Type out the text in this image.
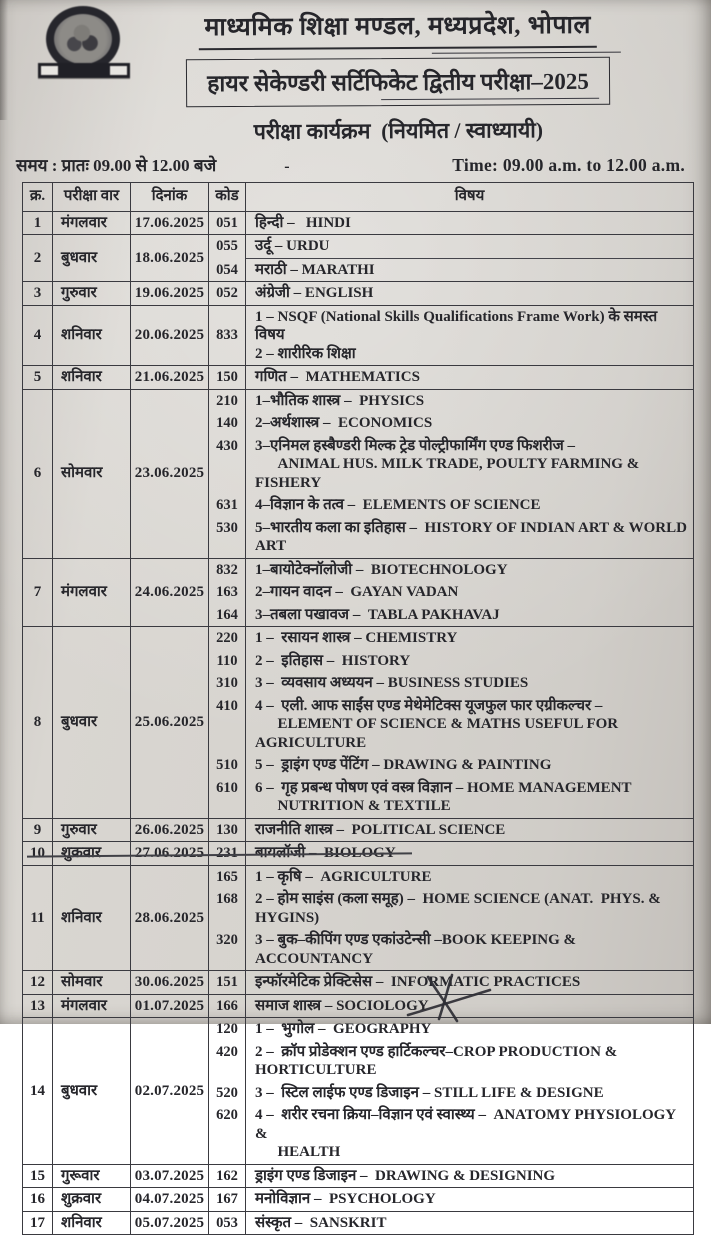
माध्यमिक शिक्षा मण्डल, मध्यप्रदेश, भोपाल
हायर सेकेण्डरी सर्टिफिकेट द्वितीय परीक्षा–2025
परीक्षा कार्यक्रम  (नियमित / स्वाध्यायी)
समय : प्रातः 09.00 से 12.00 बजे	-	Time: 09.00 a.m. to 12.00 a.m.
क्र.	परीक्षा वार	दिनांक	कोड	विषय
1	मंगलवार	17.06.2025 051	हिन्दी –   HINDI
2	बुधवार	18.06.2025
055	उर्दू – URDU
054	मराठी – MARATHI
3	गुरुवार	19.06.2025 052	अंग्रेजी – ENGLISH
4	शनिवार	20.06.2025 833
1 – NSQF (National Skills Qualifications Frame Work) के समस्त विषय
2 – शारीरिक शिक्षा
5	शनिवार	21.06.2025 150	गणित –  MATHEMATICS
6	सोमवार	23.06.2025
210	1–भौतिक शास्त्र –  PHYSICS
140	2–अर्थशास्त्र –  ECONOMICS
430	3–एनिमल हस्बैण्डरी मिल्क ट्रेड पोल्ट्रीफार्मिंग एण्ड फिशरीज –
ANIMAL HUS. MILK TRADE, POULTY FARMING & FISHERY
631	4–विज्ञान के तत्व –  ELEMENTS OF SCIENCE
530	5–भारतीय कला का इतिहास –  HISTORY OF INDIAN ART & WORLD ART
7	मंगलवार	24.06.2025
832	1–बायोटेक्नॉलोजी –  BIOTECHNOLOGY
163	2–गायन वादन –  GAYAN VADAN
164	3–तबला पखावज –  TABLA PAKHAVAJ
8	बुधवार	25.06.2025
220	1 –  रसायन शास्त्र – CHEMISTRY
110	2 –  इतिहास –  HISTORY
310	3 –  व्यवसाय अध्ययन – BUSINESS STUDIES
410	4 –  एली. आफ साईंस एण्ड मेथेमेटिक्स यूजफुल फार एग्रीकल्चर –
ELEMENT OF SCIENCE & MATHS USEFUL FOR AGRICULTURE
510	5 –  ड्राइंग एण्ड पेंटिंग – DRAWING & PAINTING
610	6 –  गृह प्रबन्ध पोषण एवं वस्त्र विज्ञान – HOME MANAGEMENT
NUTRITION & TEXTILE
9	गुरुवार	26.06.2025 130	राजनीति शास्त्र –  POLITICAL SCIENCE
10	शुक्रवार	27.06.2025 231	बायलॉजी –  BIOLOGY
11	शनिवार	28.06.2025
165	1 – कृषि –  AGRICULTURE
168	2 – होम साइंस (कला समूह) –  HOME SCIENCE (ANAT.  PHYS. & HYGINS)
320	3 – बुक–कीपिंग एण्ड एकांउटेन्सी –BOOK KEEPING & ACCOUNTANCY
12	सोमवार	30.06.2025 151	इन्फॉरमेटिक प्रेक्टिसेस –  INFORMATIC PRACTICES
13	मंगलवार	01.07.2025 166	समाज शास्त्र – SOCIOLOGY
14	बुधवार	02.07.2025
120	1 –  भुगोल –  GEOGRAPHY
420	2 –  क्रॉप प्रोडेक्शन एण्ड हार्टिकल्चर–CROP PRODUCTION & HORTICULTURE
520	3 –  स्टिल लाईफ एण्ड डिजाइन – STILL LIFE & DESIGNE
620	4 –  शरीर रचना क्रिया–विज्ञान एवं स्वास्थ्य –  ANATOMY PHYSIOLOGY &
HEALTH
15	गुरूवार	03.07.2025 162	ड्राइंग एण्ड डिजाइन –  DRAWING & DESIGNING
16	शुक्रवार	04.07.2025 167	मनोविज्ञान –  PSYCHOLOGY
17	शनिवार	05.07.2025 053	संस्कृत –  SANSKRIT
